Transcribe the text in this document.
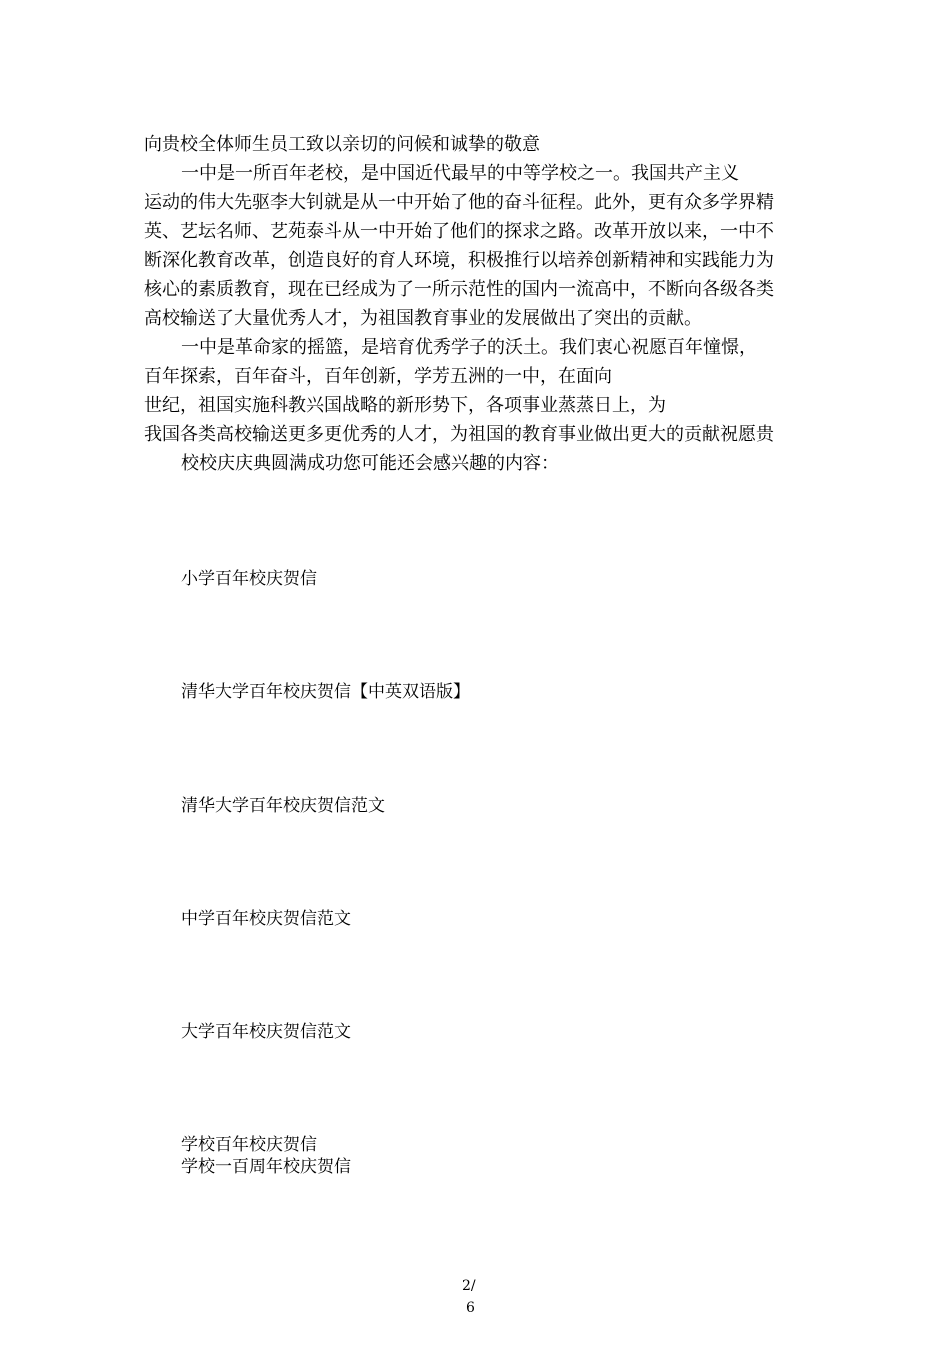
向贵校全体师生员工致以亲切的问候和诚挚的敬意
一中是一所百年老校，是中国近代最早的中等学校之一。我国共产主义
运动的伟大先驱李大钊就是从一中开始了他的奋斗征程。此外，更有众多学界精
英、艺坛名师、艺苑泰斗从一中开始了他们的探求之路。改革开放以来，一中不
断深化教育改革，创造良好的育人环境，积极推行以培养创新精神和实践能力为
核心的素质教育，现在已经成为了一所示范性的国内一流高中，不断向各级各类
高校输送了大量优秀人才，为祖国教育事业的发展做出了突出的贡献。
一中是革命家的摇篮，是培育优秀学子的沃土。我们衷心祝愿百年憧憬，
百年探索，百年奋斗，百年创新，学芳五洲的一中，在面向
世纪，祖国实施科教兴国战略的新形势下，各项事业蒸蒸日上，为
我国各类高校输送更多更优秀的人才，为祖国的教育事业做出更大的贡献祝愿贵
校校庆庆典圆满成功您可能还会感兴趣的内容：
小学百年校庆贺信
清华大学百年校庆贺信【中英双语版】
清华大学百年校庆贺信范文
中学百年校庆贺信范文
大学百年校庆贺信范文
学校百年校庆贺信
学校一百周年校庆贺信
2/
6
